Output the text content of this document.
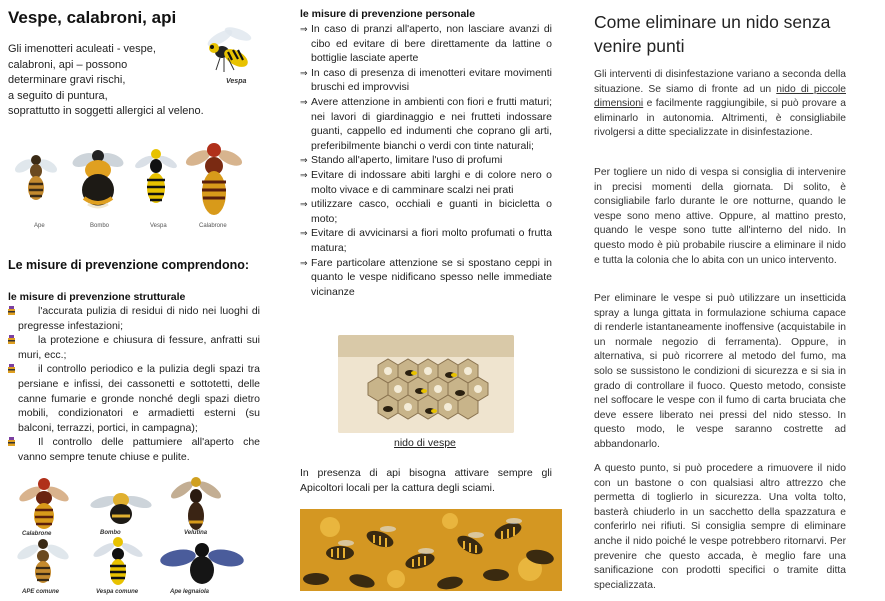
Vespe, calabroni, api
Gli imenotteri aculeati - vespe,
calabroni, api – possono
determinare gravi rischi,
a seguito di puntura,
soprattutto in soggetti allergici al veleno.
Vespa
Ape	Bombo	Vespa	Calabrone
Le misure di prevenzione comprendono:
le misure di prevenzione strutturale
l'accurata pulizia di residui di nido nei luoghi di pregresse infestazioni;
la protezione e chiusura di fessure, anfratti sui muri, ecc.;
il controllo periodico e la pulizia degli spazi tra persiane e infissi, dei cassonetti e sottotetti, delle canne fumarie e gronde nonché degli spazi dietro mobili, condizionatori e armadietti esterni (su balconi, terrazzi, portici, in campagna);
Il controllo delle pattumiere all'aperto che vanno sempre tenute chiuse e pulite.
Calabrone	Bombo	Velutina
APE comune	Vespa comune	Ape legnaiola
le misure di prevenzione personale
⇒ In caso di pranzi all'aperto, non lasciare avanzi di cibo ed evitare di bere direttamente da lattine o bottiglie lasciate aperte
⇒ In caso di presenza di imenotteri evitare movimenti bruschi ed improvvisi
⇒ Avere attenzione in ambienti con fiori e frutti maturi; nei lavori di giardinaggio e nei frutteti indossare guanti, cappello ed indumenti che coprano gli arti, preferibilmente bianchi o verdi con tinte naturali;
⇒ Stando all'aperto, limitare l'uso di profumi
⇒ Evitare di indossare abiti larghi e di colore nero o molto vivace e di camminare scalzi nei prati
⇒ utilizzare casco, occhiali e guanti in bicicletta o moto;
⇒ Evitare di avvicinarsi a fiori molto profumati o frutta matura;
⇒ Fare particolare attenzione se si spostano ceppi in quanto le vespe nidificano spesso nelle immediate vicinanze
nido di vespe
In presenza di api bisogna attivare sempre gli Apicoltori locali per la cattura degli sciami.
Come eliminare un nido senza venire punti

Gli interventi di disinfestazione variano a seconda della situazione. Se siamo di fronte ad un nido di piccole dimensioni e facilmente raggiungibile, si può provare a eliminarlo in autonomia. Altrimenti, è consigliabile rivolgersi a ditte specializzate in disinfestazione.

Per togliere un nido di vespa si consiglia di intervenire in precisi momenti della giornata. Di solito, è consigliabile farlo durante le ore notturne, quando le vespe sono meno attive. Oppure, al mattino presto, quando le vespe sono tutte all'interno del nido. In questo modo è più probabile riuscire a eliminare il nido e tutta la colonia che lo abita con un unico intervento.

Per eliminare le vespe si può utilizzare un insetticida spray a lunga gittata in formulazione schiuma capace di renderle istantaneamente inoffensive (acquistabile in un normale negozio di ferramenta). Oppure, in alternativa, si può ricorrere al metodo del fumo, ma solo se sussistono le condizioni di sicurezza e si sia in grado di controllare il fuoco. Questo metodo, consiste nel soffocare le vespe con il fumo di carta bruciata che deve essere liberato nei pressi del nido stesso. In questo modo, le vespe saranno costrette ad abbandonarlo.

A questo punto, si può procedere a rimuovere il nido con un bastone o con qualsiasi altro attrezzo che permetta di toglierlo in sicurezza. Una volta tolto, basterà chiuderlo in un sacchetto della spazzatura e conferirlo nei rifiuti. Si consiglia sempre di eliminare anche il nido poiché le vespe potrebbero ritornarvi. Per prevenire che questo accada, è meglio fare una sanificazione con prodotti specifici o tramite ditta specializzata.
